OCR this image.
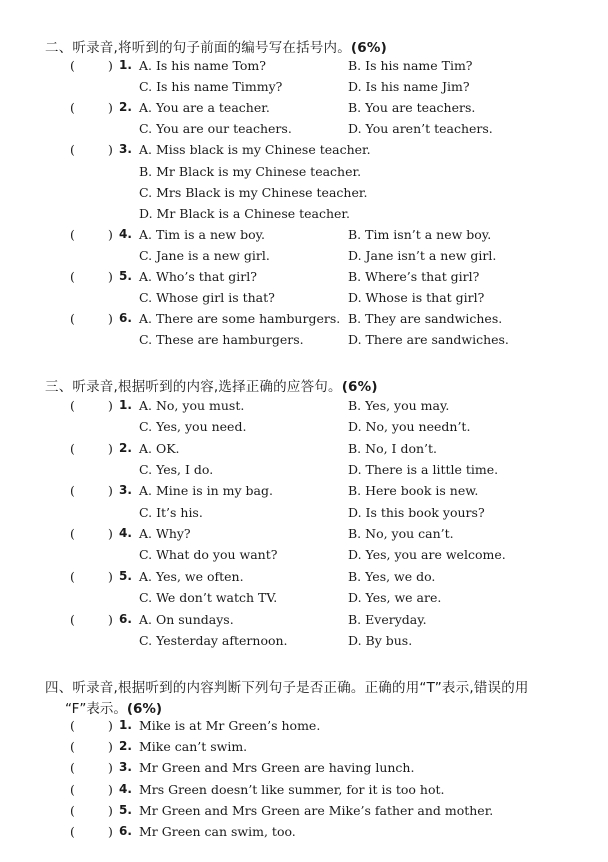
二、听录音,将听到的句子前面的编号写在括号内。(6%)
(	) 1. A. Is his name Tom?	B. Is his name Tim?
C. Is his name Timmy?	D. Is his name Jim?
(	) 2. A. You are a teacher.	B. You are teachers.
C. You are our teachers.	D. You aren’t teachers.
(	) 3. A. Miss black is my Chinese teacher.
B. Mr Black is my Chinese teacher.
C. Mrs Black is my Chinese teacher.
D. Mr Black is a Chinese teacher.
(	) 4. A. Tim is a new boy.	B. Tim isn’t a new boy.
C. Jane is a new girl.	D. Jane isn’t a new girl.
(	) 5. A. Who’s that girl?	B. Where’s that girl?
C. Whose girl is that?	D. Whose is that girl?
(	) 6. A. There are some hamburgers. B. They are sandwiches.
C. These are hamburgers.	D. There are sandwiches.
三、听录音,根据听到的内容,选择正确的应答句。(6%)
(	) 1. A. No, you must.	B. Yes, you may.
C. Yes, you need.	D. No, you needn’t.
(	) 2. A. OK.	B. No, I don’t.
C. Yes, I do.	D. There is a little time.
(	) 3. A. Mine is in my bag.	B. Here book is new.
C. It’s his.	D. Is this book yours?
(	) 4. A. Why?	B. No, you can’t.
C. What do you want?	D. Yes, you are welcome.
(	) 5. A. Yes, we often.	B. Yes, we do.
C. We don’t watch TV.	D. Yes, we are.
(	) 6. A. On sundays.	B. Everyday.
C. Yesterday afternoon.	D. By bus.
四、听录音,根据听到的内容判断下列句子是否正确。正确的用“T”表示,错误的用
“F”表示。(6%)
(	) 1. Mike is at Mr Green’s home.
(	) 2. Mike can’t swim.
(	) 3. Mr Green and Mrs Green are having lunch.
(	) 4. Mrs Green doesn’t like summer, for it is too hot.
(	) 5. Mr Green and Mrs Green are Mike’s father and mother.
(	) 6. Mr Green can swim, too.
